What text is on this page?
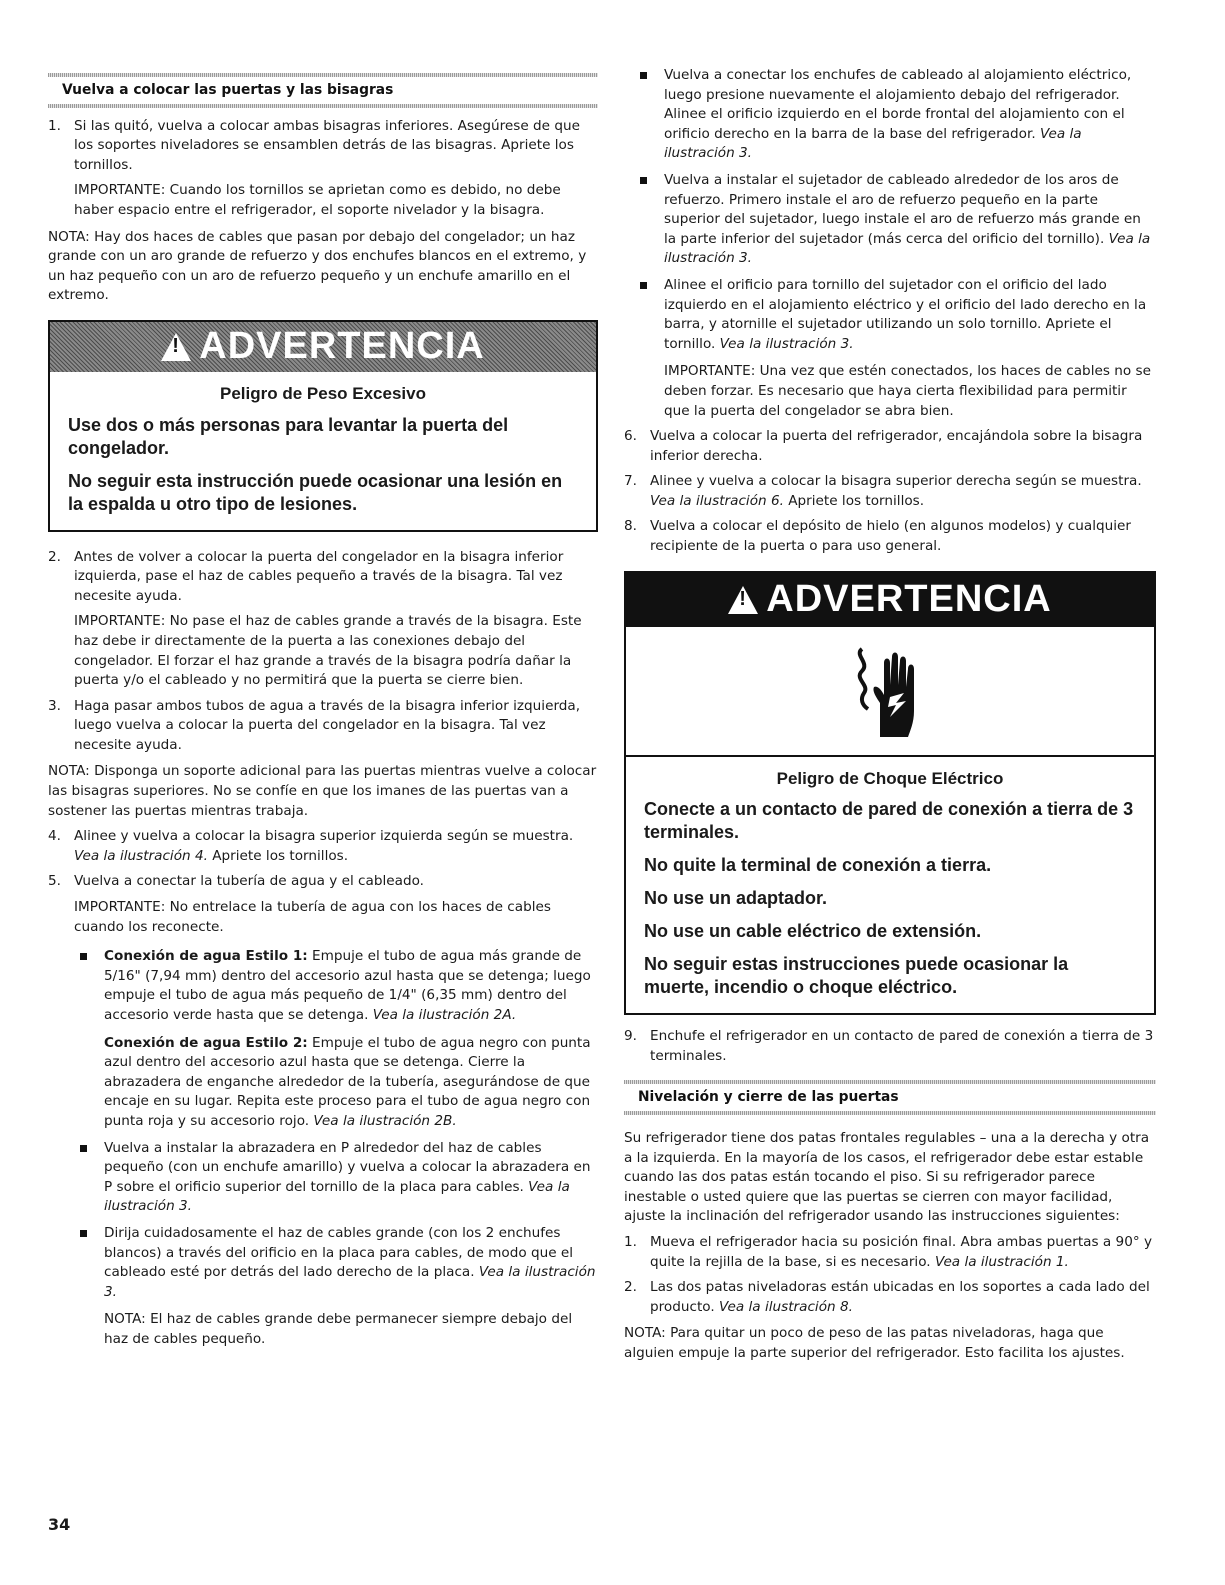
Vuelva a colocar las puertas y las bisagras
1. Si las quitó, vuelva a colocar ambas bisagras inferiores. Asegúrese de que los soportes niveladores se ensamblen detrás de las bisagras. Apriete los tornillos.
IMPORTANTE: Cuando los tornillos se aprietan como es debido, no debe haber espacio entre el refrigerador, el soporte nivelador y la bisagra.
NOTA: Hay dos haces de cables que pasan por debajo del congelador; un haz grande con un aro grande de refuerzo y dos enchufes blancos en el extremo, y un haz pequeño con un aro de refuerzo pequeño y un enchufe amarillo en el extremo.
!
ADVERTENCIA
Peligro de Peso Excesivo
Use dos o más personas para levantar la puerta del congelador.
No seguir esta instrucción puede ocasionar una lesión en la espalda u otro tipo de lesiones.
2. Antes de volver a colocar la puerta del congelador en la bisagra inferior izquierda, pase el haz de cables pequeño a través de la bisagra. Tal vez necesite ayuda.
IMPORTANTE: No pase el haz de cables grande a través de la bisagra. Este haz debe ir directamente de la puerta a las conexiones debajo del congelador. El forzar el haz grande a través de la bisagra podría dañar la puerta y/o el cableado y no permitirá que la puerta se cierre bien.
3. Haga pasar ambos tubos de agua a través de la bisagra inferior izquierda, luego vuelva a colocar la puerta del congelador en la bisagra. Tal vez necesite ayuda.
NOTA: Disponga un soporte adicional para las puertas mientras vuelve a colocar las bisagras superiores. No se confíe en que los imanes de las puertas van a sostener las puertas mientras trabaja.
4. Alinee y vuelva a colocar la bisagra superior izquierda según se muestra. Vea la ilustración 4. Apriete los tornillos.
5. Vuelva a conectar la tubería de agua y el cableado.
IMPORTANTE: No entrelace la tubería de agua con los haces de cables cuando los reconecte.
Conexión de agua Estilo 1: Empuje el tubo de agua más grande de 5/16" (7,94 mm) dentro del accesorio azul hasta que se detenga; luego empuje el tubo de agua más pequeño de 1/4" (6,35 mm) dentro del accesorio verde hasta que se detenga. Vea la ilustración 2A.
Conexión de agua Estilo 2: Empuje el tubo de agua negro con punta azul dentro del accesorio azul hasta que se detenga. Cierre la abrazadera de enganche alrededor de la tubería, asegurándose de que encaje en su lugar. Repita este proceso para el tubo de agua negro con punta roja y su accesorio rojo. Vea la ilustración 2B.
Vuelva a instalar la abrazadera en P alrededor del haz de cables pequeño (con un enchufe amarillo) y vuelva a colocar la abrazadera en P sobre el orificio superior del tornillo de la placa para cables. Vea la ilustración 3.
Dirija cuidadosamente el haz de cables grande (con los 2 enchufes blancos) a través del orificio en la placa para cables, de modo que el cableado esté por detrás del lado derecho de la placa. Vea la ilustración 3.
NOTA: El haz de cables grande debe permanecer siempre debajo del haz de cables pequeño.
Vuelva a conectar los enchufes de cableado al alojamiento eléctrico, luego presione nuevamente el alojamiento debajo del refrigerador. Alinee el orificio izquierdo en el borde frontal del alojamiento con el orificio derecho en la barra de la base del refrigerador. Vea la ilustración 3.
Vuelva a instalar el sujetador de cableado alrededor de los aros de refuerzo. Primero instale el aro de refuerzo pequeño en la parte superior del sujetador, luego instale el aro de refuerzo más grande en la parte inferior del sujetador (más cerca del orificio del tornillo). Vea la ilustración 3.
Alinee el orificio para tornillo del sujetador con el orificio del lado izquierdo en el alojamiento eléctrico y el orificio del lado derecho en la barra, y atornille el sujetador utilizando un solo tornillo. Apriete el tornillo. Vea la ilustración 3.
IMPORTANTE: Una vez que estén conectados, los haces de cables no se deben forzar. Es necesario que haya cierta flexibilidad para permitir que la puerta del congelador se abra bien.
6. Vuelva a colocar la puerta del refrigerador, encajándola sobre la bisagra inferior derecha.
7. Alinee y vuelva a colocar la bisagra superior derecha según se muestra. Vea la ilustración 6. Apriete los tornillos.
8. Vuelva a colocar el depósito de hielo (en algunos modelos) y cualquier recipiente de la puerta o para uso general.
!
ADVERTENCIA
Peligro de Choque Eléctrico
Conecte a un contacto de pared de conexión a tierra de 3 terminales.
No quite la terminal de conexión a tierra.
No use un adaptador.
No use un cable eléctrico de extensión.
No seguir estas instrucciones puede ocasionar la muerte, incendio o choque eléctrico.
9. Enchufe el refrigerador en un contacto de pared de conexión a tierra de 3 terminales.
Nivelación y cierre de las puertas
Su refrigerador tiene dos patas frontales regulables – una a la derecha y otra a la izquierda. En la mayoría de los casos, el refrigerador debe estar estable cuando las dos patas están tocando el piso. Si su refrigerador parece inestable o usted quiere que las puertas se cierren con mayor facilidad, ajuste la inclinación del refrigerador usando las instrucciones siguientes:
1. Mueva el refrigerador hacia su posición final. Abra ambas puertas a 90° y quite la rejilla de la base, si es necesario. Vea la ilustración 1.
2. Las dos patas niveladoras están ubicadas en los soportes a cada lado del producto. Vea la ilustración 8.
NOTA: Para quitar un poco de peso de las patas niveladoras, haga que alguien empuje la parte superior del refrigerador. Esto facilita los ajustes.
34
